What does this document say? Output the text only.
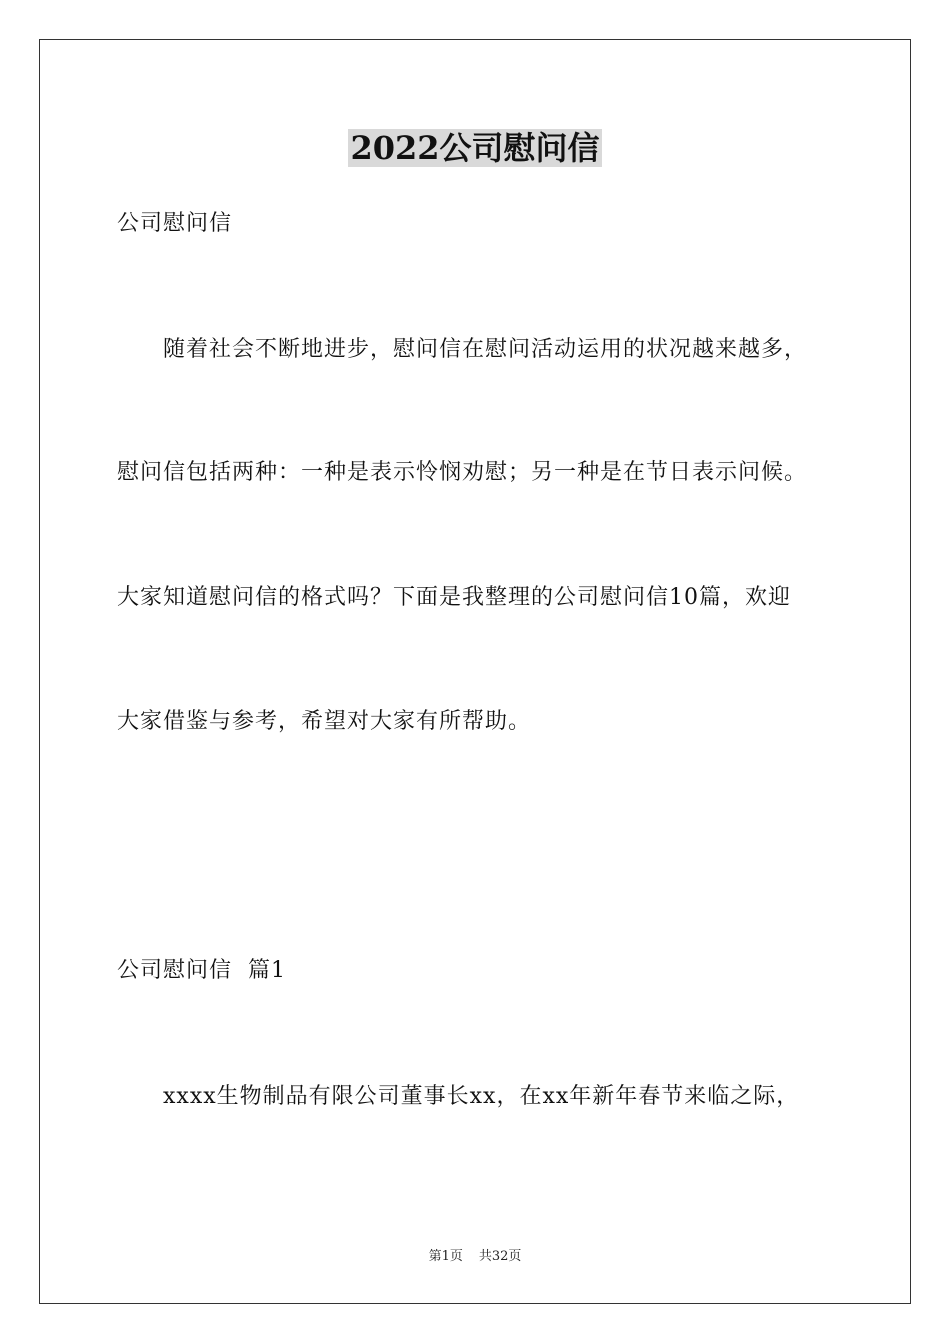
2022公司慰问信

公司慰问信

随着社会不断地进步，慰问信在慰问活动运用的状况越来越多，

慰问信包括两种：一种是表示怜悯劝慰；另一种是在节日表示问候。

大家知道慰问信的格式吗？下面是我整理的公司慰问信10篇，欢迎

大家借鉴与参考，希望对大家有所帮助。

公司慰问信  篇1

xxxx生物制品有限公司董事长xx，在xx年新年春节来临之际，

第1页 共32页
